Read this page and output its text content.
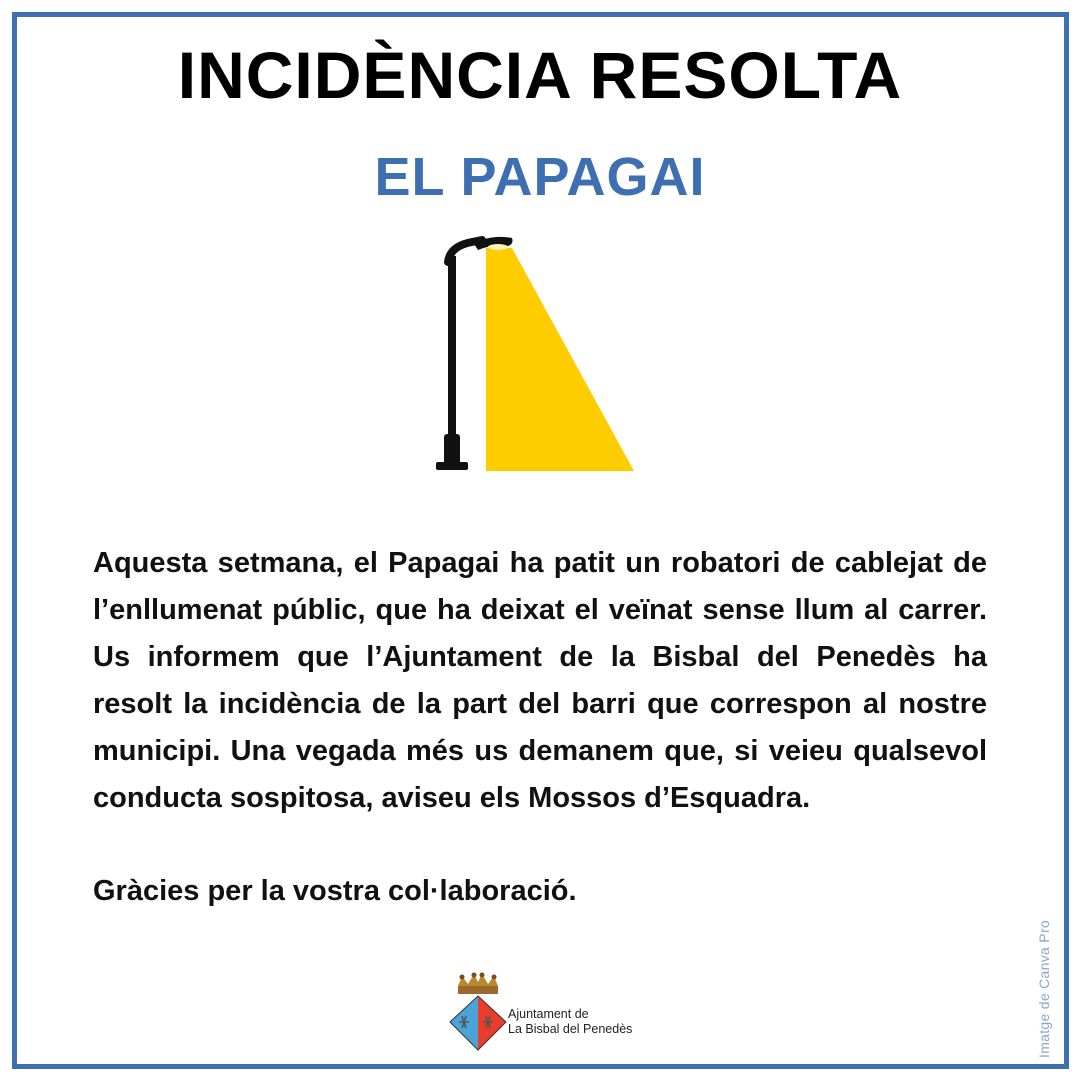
INCIDÈNCIA RESOLTA
EL PAPAGAI

Aquesta setmana, el Papagai ha patit un robatori de cablejat de l’enllumenat públic, que ha deixat el veïnat sense llum al carrer. Us informem que l’Ajuntament de la Bisbal del Penedès ha resolt la incidència de la part del barri que correspon al nostre municipi. Una vegada més us demanem que, si veieu qualsevol conducta sospitosa, aviseu els Mossos d’Esquadra.

Gràcies per la vostra col·laboració.
Ajuntament de
La Bisbal del Penedès	Imatge de Canva Pro
